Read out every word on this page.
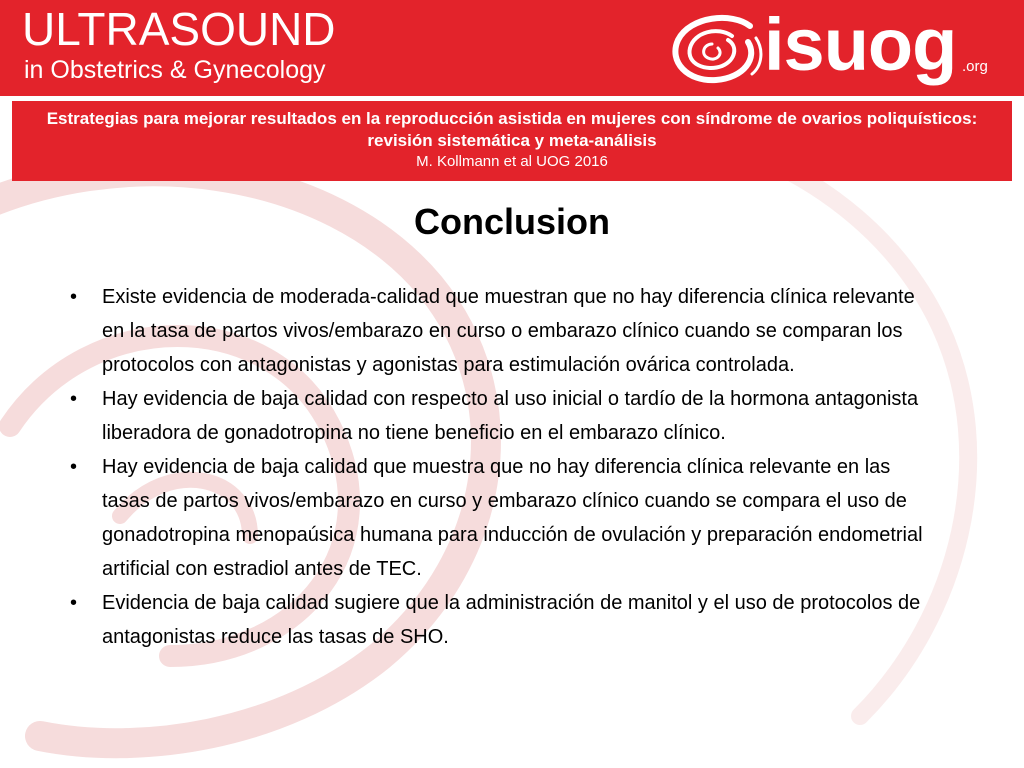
ULTRASOUND
in Obstetrics & Gynecology	isuog .org
Estrategias para mejorar resultados en la reproducción asistida en mujeres con síndrome de ovarios poliquísticos: revisión sistemática y meta-análisis
M. Kollmann et al UOG 2016
Conclusion
• Existe evidencia de moderada-calidad que muestran que no hay diferencia clínica relevante en la tasa de partos vivos/embarazo en curso o embarazo clínico cuando se comparan los protocolos con antagonistas y agonistas para estimulación ovárica controlada.
• Hay evidencia de baja calidad con respecto al uso inicial o tardío de la hormona antagonista liberadora de gonadotropina no tiene beneficio en el embarazo clínico.
• Hay evidencia de baja calidad que muestra que no hay diferencia clínica relevante en las tasas de partos vivos/embarazo en curso y embarazo clínico cuando se compara el uso de gonadotropina menopaúsica humana para inducción de ovulación y preparación endometrial artificial con estradiol antes de TEC.
• Evidencia de baja calidad sugiere que la administración de manitol y el uso de protocolos de antagonistas reduce las tasas de SHO.
